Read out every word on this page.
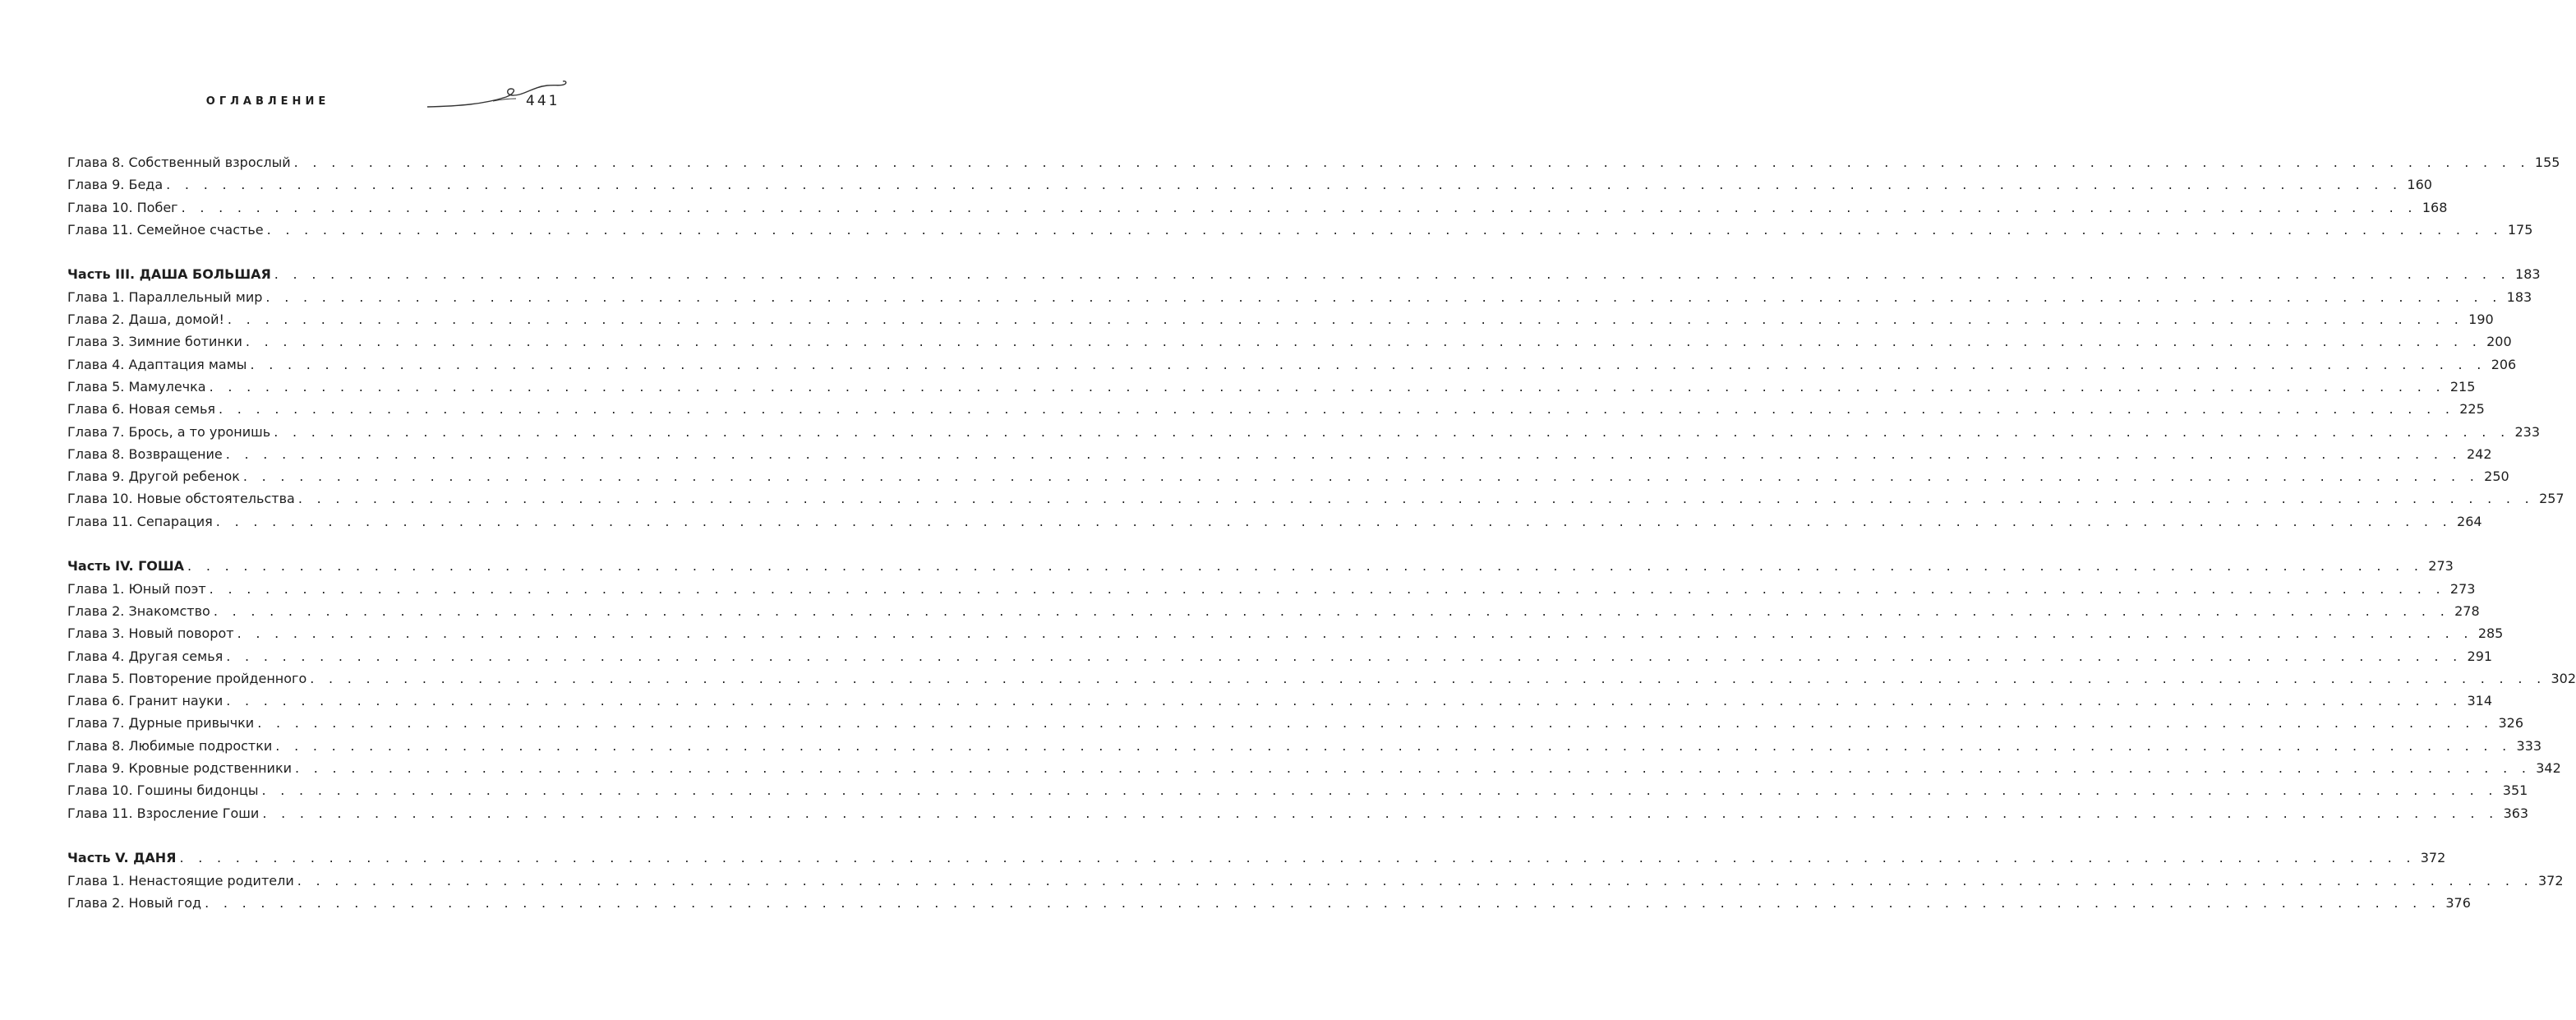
ОГЛАВЛЕНИЕ	441
Глава 8. Собственный взрослый . . . . . . . . . . . . . . . . . . . . . . . . . . . . . . . . . . . . . . . . . . . . . . . . . . . . . . . . . . . . . . . . . . . . . . . . . . . . . . . . . . . . . . . . . . . . . . . . . . . . . . . . . . . . . . . . . . . . . . . . 155
Глава 9. Беда . . . . . . . . . . . . . . . . . . . . . . . . . . . . . . . . . . . . . . . . . . . . . . . . . . . . . . . . . . . . . . . . . . . . . . . . . . . . . . . . . . . . . . . . . . . . . . . . . . . . . . . . . . . . . . . . . . . . . . . . 160
Глава 10. Побег . . . . . . . . . . . . . . . . . . . . . . . . . . . . . . . . . . . . . . . . . . . . . . . . . . . . . . . . . . . . . . . . . . . . . . . . . . . . . . . . . . . . . . . . . . . . . . . . . . . . . . . . . . . . . . . . . . . . . . . . 168
Глава 11. Семейное счастье . . . . . . . . . . . . . . . . . . . . . . . . . . . . . . . . . . . . . . . . . . . . . . . . . . . . . . . . . . . . . . . . . . . . . . . . . . . . . . . . . . . . . . . . . . . . . . . . . . . . . . . . . . . . . . . . . . . . . . . . 175
Часть III. ДАША БОЛЬШАЯ . . . . . . . . . . . . . . . . . . . . . . . . . . . . . . . . . . . . . . . . . . . . . . . . . . . . . . . . . . . . . . . . . . . . . . . . . . . . . . . . . . . . . . . . . . . . . . . . . . . . . . . . . . . . . . . . . . . . . . . . 183
Глава 1. Параллельный мир . . . . . . . . . . . . . . . . . . . . . . . . . . . . . . . . . . . . . . . . . . . . . . . . . . . . . . . . . . . . . . . . . . . . . . . . . . . . . . . . . . . . . . . . . . . . . . . . . . . . . . . . . . . . . . . . . . . . . . . . 183
Глава 2. Даша, домой! . . . . . . . . . . . . . . . . . . . . . . . . . . . . . . . . . . . . . . . . . . . . . . . . . . . . . . . . . . . . . . . . . . . . . . . . . . . . . . . . . . . . . . . . . . . . . . . . . . . . . . . . . . . . . . . . . . . . . . . . 190
Глава 3. Зимние ботинки . . . . . . . . . . . . . . . . . . . . . . . . . . . . . . . . . . . . . . . . . . . . . . . . . . . . . . . . . . . . . . . . . . . . . . . . . . . . . . . . . . . . . . . . . . . . . . . . . . . . . . . . . . . . . . . . . . . . . . . . 200
Глава 4. Адаптация мамы . . . . . . . . . . . . . . . . . . . . . . . . . . . . . . . . . . . . . . . . . . . . . . . . . . . . . . . . . . . . . . . . . . . . . . . . . . . . . . . . . . . . . . . . . . . . . . . . . . . . . . . . . . . . . . . . . . . . . . . . 206
Глава 5. Мамулечка . . . . . . . . . . . . . . . . . . . . . . . . . . . . . . . . . . . . . . . . . . . . . . . . . . . . . . . . . . . . . . . . . . . . . . . . . . . . . . . . . . . . . . . . . . . . . . . . . . . . . . . . . . . . . . . . . . . . . . . . 215
Глава 6. Новая семья . . . . . . . . . . . . . . . . . . . . . . . . . . . . . . . . . . . . . . . . . . . . . . . . . . . . . . . . . . . . . . . . . . . . . . . . . . . . . . . . . . . . . . . . . . . . . . . . . . . . . . . . . . . . . . . . . . . . . . . . 225
Глава 7. Брось, а то уронишь . . . . . . . . . . . . . . . . . . . . . . . . . . . . . . . . . . . . . . . . . . . . . . . . . . . . . . . . . . . . . . . . . . . . . . . . . . . . . . . . . . . . . . . . . . . . . . . . . . . . . . . . . . . . . . . . . . . . . . . . 233
Глава 8. Возвращение . . . . . . . . . . . . . . . . . . . . . . . . . . . . . . . . . . . . . . . . . . . . . . . . . . . . . . . . . . . . . . . . . . . . . . . . . . . . . . . . . . . . . . . . . . . . . . . . . . . . . . . . . . . . . . . . . . . . . . . . 242
Глава 9. Другой ребенок . . . . . . . . . . . . . . . . . . . . . . . . . . . . . . . . . . . . . . . . . . . . . . . . . . . . . . . . . . . . . . . . . . . . . . . . . . . . . . . . . . . . . . . . . . . . . . . . . . . . . . . . . . . . . . . . . . . . . . . . 250
Глава 10. Новые обстоятельства . . . . . . . . . . . . . . . . . . . . . . . . . . . . . . . . . . . . . . . . . . . . . . . . . . . . . . . . . . . . . . . . . . . . . . . . . . . . . . . . . . . . . . . . . . . . . . . . . . . . . . . . . . . . . . . . . . . . . . . . 257
Глава 11. Сепарация . . . . . . . . . . . . . . . . . . . . . . . . . . . . . . . . . . . . . . . . . . . . . . . . . . . . . . . . . . . . . . . . . . . . . . . . . . . . . . . . . . . . . . . . . . . . . . . . . . . . . . . . . . . . . . . . . . . . . . . . 264
Часть IV. ГОША . . . . . . . . . . . . . . . . . . . . . . . . . . . . . . . . . . . . . . . . . . . . . . . . . . . . . . . . . . . . . . . . . . . . . . . . . . . . . . . . . . . . . . . . . . . . . . . . . . . . . . . . . . . . . . . . . . . . . . . . 273
Глава 1. Юный поэт . . . . . . . . . . . . . . . . . . . . . . . . . . . . . . . . . . . . . . . . . . . . . . . . . . . . . . . . . . . . . . . . . . . . . . . . . . . . . . . . . . . . . . . . . . . . . . . . . . . . . . . . . . . . . . . . . . . . . . . . 273
Глава 2. Знакомство . . . . . . . . . . . . . . . . . . . . . . . . . . . . . . . . . . . . . . . . . . . . . . . . . . . . . . . . . . . . . . . . . . . . . . . . . . . . . . . . . . . . . . . . . . . . . . . . . . . . . . . . . . . . . . . . . . . . . . . . 278
Глава 3. Новый поворот . . . . . . . . . . . . . . . . . . . . . . . . . . . . . . . . . . . . . . . . . . . . . . . . . . . . . . . . . . . . . . . . . . . . . . . . . . . . . . . . . . . . . . . . . . . . . . . . . . . . . . . . . . . . . . . . . . . . . . . . 285
Глава 4. Другая семья . . . . . . . . . . . . . . . . . . . . . . . . . . . . . . . . . . . . . . . . . . . . . . . . . . . . . . . . . . . . . . . . . . . . . . . . . . . . . . . . . . . . . . . . . . . . . . . . . . . . . . . . . . . . . . . . . . . . . . . . 291
Глава 5. Повторение пройденного . . . . . . . . . . . . . . . . . . . . . . . . . . . . . . . . . . . . . . . . . . . . . . . . . . . . . . . . . . . . . . . . . . . . . . . . . . . . . . . . . . . . . . . . . . . . . . . . . . . . . . . . . . . . . . . . . . . . . . . . 302
Глава 6. Гранит науки . . . . . . . . . . . . . . . . . . . . . . . . . . . . . . . . . . . . . . . . . . . . . . . . . . . . . . . . . . . . . . . . . . . . . . . . . . . . . . . . . . . . . . . . . . . . . . . . . . . . . . . . . . . . . . . . . . . . . . . . 314
Глава 7. Дурные привычки . . . . . . . . . . . . . . . . . . . . . . . . . . . . . . . . . . . . . . . . . . . . . . . . . . . . . . . . . . . . . . . . . . . . . . . . . . . . . . . . . . . . . . . . . . . . . . . . . . . . . . . . . . . . . . . . . . . . . . . . 326
Глава 8. Любимые подростки . . . . . . . . . . . . . . . . . . . . . . . . . . . . . . . . . . . . . . . . . . . . . . . . . . . . . . . . . . . . . . . . . . . . . . . . . . . . . . . . . . . . . . . . . . . . . . . . . . . . . . . . . . . . . . . . . . . . . . . . 333
Глава 9. Кровные родственники . . . . . . . . . . . . . . . . . . . . . . . . . . . . . . . . . . . . . . . . . . . . . . . . . . . . . . . . . . . . . . . . . . . . . . . . . . . . . . . . . . . . . . . . . . . . . . . . . . . . . . . . . . . . . . . . . . . . . . . . 342
Глава 10. Гошины бидонцы . . . . . . . . . . . . . . . . . . . . . . . . . . . . . . . . . . . . . . . . . . . . . . . . . . . . . . . . . . . . . . . . . . . . . . . . . . . . . . . . . . . . . . . . . . . . . . . . . . . . . . . . . . . . . . . . . . . . . . . . 351
Глава 11. Взросление Гоши . . . . . . . . . . . . . . . . . . . . . . . . . . . . . . . . . . . . . . . . . . . . . . . . . . . . . . . . . . . . . . . . . . . . . . . . . . . . . . . . . . . . . . . . . . . . . . . . . . . . . . . . . . . . . . . . . . . . . . . . 363
Часть V. ДАНЯ . . . . . . . . . . . . . . . . . . . . . . . . . . . . . . . . . . . . . . . . . . . . . . . . . . . . . . . . . . . . . . . . . . . . . . . . . . . . . . . . . . . . . . . . . . . . . . . . . . . . . . . . . . . . . . . . . . . . . . . . 372
Глава 1. Ненастоящие родители . . . . . . . . . . . . . . . . . . . . . . . . . . . . . . . . . . . . . . . . . . . . . . . . . . . . . . . . . . . . . . . . . . . . . . . . . . . . . . . . . . . . . . . . . . . . . . . . . . . . . . . . . . . . . . . . . . . . . . . . 372
Глава 2. Новый год . . . . . . . . . . . . . . . . . . . . . . . . . . . . . . . . . . . . . . . . . . . . . . . . . . . . . . . . . . . . . . . . . . . . . . . . . . . . . . . . . . . . . . . . . . . . . . . . . . . . . . . . . . . . . . . . . . . . . . . . 376
